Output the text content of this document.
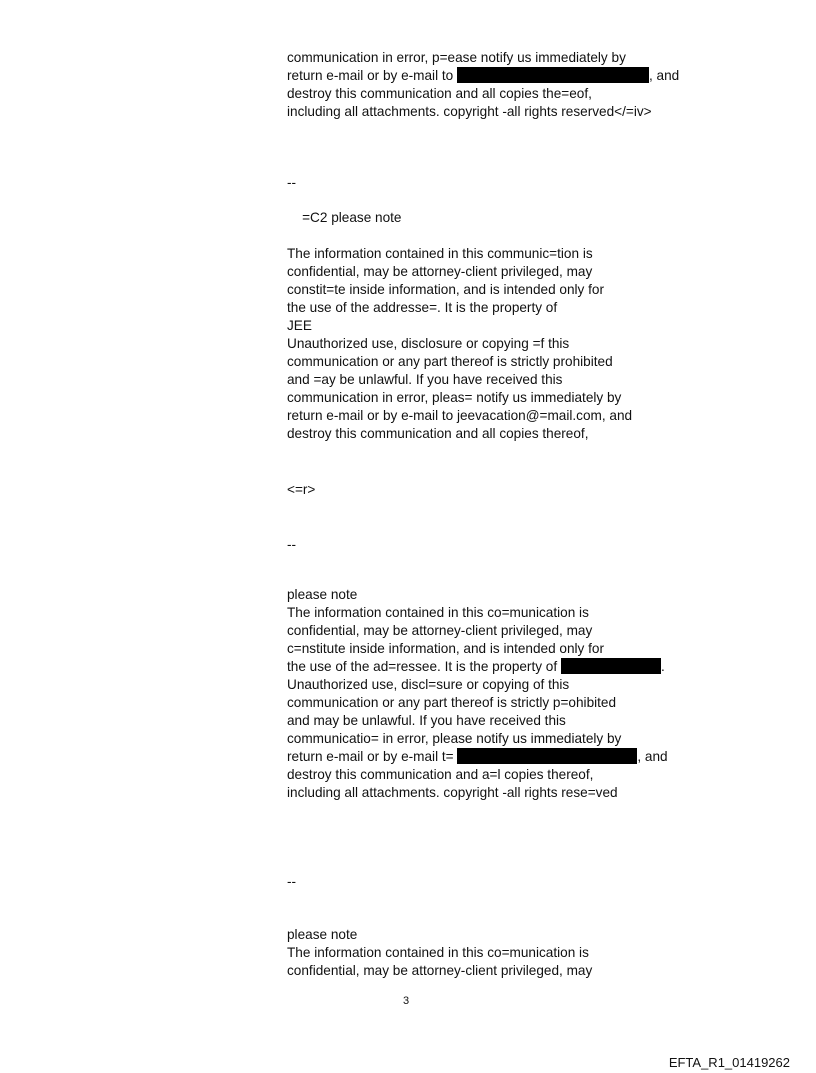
communication in error, p=ease notify us immediately by
return e-mail or by e-mail to	, and
destroy this communication and all copies the=eof,
including all attachments. copyright -all rights reserved</=iv>
--
=C2 please note
The information contained in this communic=tion is
confidential, may be attorney-client privileged, may
constit=te inside information, and is intended only for
the use of the addresse=. It is the property of
JEE
Unauthorized use, disclosure or copying =f this
communication or any part thereof is strictly prohibited
and =ay be unlawful. If you have received this
communication in error, pleas= notify us immediately by
return e-mail or by e-mail to jeevacation@=mail.com, and
destroy this communication and all copies thereof,
<=r>
--
please note
The information contained in this co=munication is
confidential, may be attorney-client privileged, may
c=nstitute inside information, and is intended only for
the use of the ad=ressee. It is the property of	.
Unauthorized use, discl=sure or copying of this
communication or any part thereof is strictly p=ohibited
and may be unlawful. If you have received this
communicatio= in error, please notify us immediately by
return e-mail or by e-mail t=	, and
destroy this communication and a=l copies thereof,
including all attachments. copyright -all rights rese=ved
--
please note
The information contained in this co=munication is
confidential, may be attorney-client privileged, may
3
EFTA_R1_01419262
